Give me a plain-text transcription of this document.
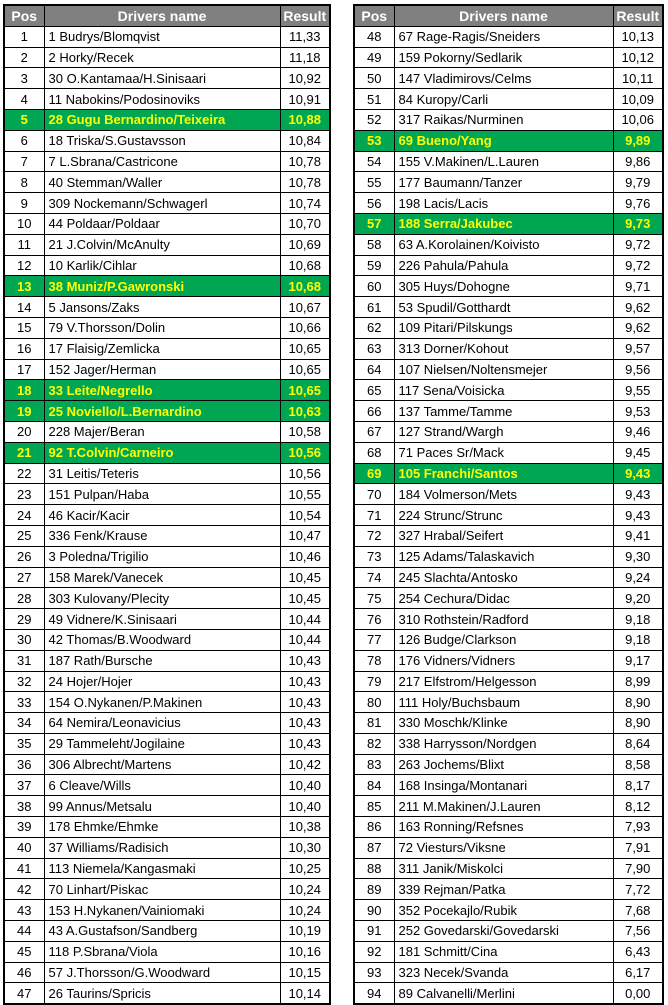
Pos	Drivers name	Result
1	1 Budrys/Blomqvist	11,33
2	2 Horky/Recek	11,18
3	30 O.Kantamaa/H.Sinisaari	10,92
4	11 Nabokins/Podosinoviks	10,91
5	28 Gugu Bernardino/Teixeira	10,88
6	18 Triska/S.Gustavsson	10,84
7	7 L.Sbrana/Castricone	10,78
8	40 Stemman/Waller	10,78
9	309 Nockemann/Schwagerl	10,74
10	44 Poldaar/Poldaar	10,70
11	21 J.Colvin/McAnulty	10,69
12	10 Karlik/Cihlar	10,68
13	38 Muniz/P.Gawronski	10,68
14	5 Jansons/Zaks	10,67
15	79 V.Thorsson/Dolin	10,66
16	17 Flaisig/Zemlicka	10,65
17	152 Jager/Herman	10,65
18	33 Leite/Negrello	10,65
19	25 Noviello/L.Bernardino	10,63
20	228 Majer/Beran	10,58
21	92 T.Colvin/Carneiro	10,56
22	31 Leitis/Teteris	10,56
23	151 Pulpan/Haba	10,55
24	46 Kacir/Kacir	10,54
25	336 Fenk/Krause	10,47
26	3 Poledna/Trigilio	10,46
27	158 Marek/Vanecek	10,45
28	303 Kulovany/Plecity	10,45
29	49 Vidnere/K.Sinisaari	10,44
30	42 Thomas/B.Woodward	10,44
31	187 Rath/Bursche	10,43
32	24 Hojer/Hojer	10,43
33	154 O.Nykanen/P.Makinen	10,43
34	64 Nemira/Leonavicius	10,43
35	29 Tammeleht/Jogilaine	10,43
36	306 Albrecht/Martens	10,42
37	6 Cleave/Wills	10,40
38	99 Annus/Metsalu	10,40
39	178 Ehmke/Ehmke	10,38
40	37 Williams/Radisich	10,30
41	113 Niemela/Kangasmaki	10,25
42	70 Linhart/Piskac	10,24
43	153 H.Nykanen/Vainiomaki	10,24
44	43 A.Gustafson/Sandberg	10,19
45	118 P.Sbrana/Viola	10,16
46	57 J.Thorsson/G.Woodward	10,15
47	26 Taurins/Spricis	10,14
Pos	Drivers name	Result
48	67 Rage-Ragis/Sneiders	10,13
49	159 Pokorny/Sedlarik	10,12
50	147 Vladimirovs/Celms	10,11
51	84 Kuropy/Carli	10,09
52	317 Raikas/Nurminen	10,06
53	69 Bueno/Yang	9,89
54	155 V.Makinen/L.Lauren	9,86
55	177 Baumann/Tanzer	9,79
56	198 Lacis/Lacis	9,76
57	188 Serra/Jakubec	9,73
58	63 A.Korolainen/Koivisto	9,72
59	226 Pahula/Pahula	9,72
60	305 Huys/Dohogne	9,71
61	53 Spudil/Gotthardt	9,62
62	109 Pitari/Pilskungs	9,62
63	313 Dorner/Kohout	9,57
64	107 Nielsen/Noltensmejer	9,56
65	117 Sena/Voisicka	9,55
66	137 Tamme/Tamme	9,53
67	127 Strand/Wargh	9,46
68	71 Paces Sr/Mack	9,45
69	105 Franchi/Santos	9,43
70	184 Volmerson/Mets	9,43
71	224 Strunc/Strunc	9,43
72	327 Hrabal/Seifert	9,41
73	125 Adams/Talaskavich	9,30
74	245 Slachta/Antosko	9,24
75	254 Cechura/Didac	9,20
76	310 Rothstein/Radford	9,18
77	126 Budge/Clarkson	9,18
78	176 Vidners/Vidners	9,17
79	217 Elfstrom/Helgesson	8,99
80	111 Holy/Buchsbaum	8,90
81	330 Moschk/Klinke	8,90
82	338 Harrysson/Nordgen	8,64
83	263 Jochems/Blixt	8,58
84	168 Insinga/Montanari	8,17
85	211 M.Makinen/J.Lauren	8,12
86	163 Ronning/Refsnes	7,93
87	72 Viesturs/Viksne	7,91
88	311 Janik/Miskolci	7,90
89	339 Rejman/Patka	7,72
90	352 Pocekajlo/Rubik	7,68
91	252 Govedarski/Govedarski	7,56
92	181 Schmitt/Cina	6,43
93	323 Necek/Svanda	6,17
94	89 Calvanelli/Merlini	0,00
